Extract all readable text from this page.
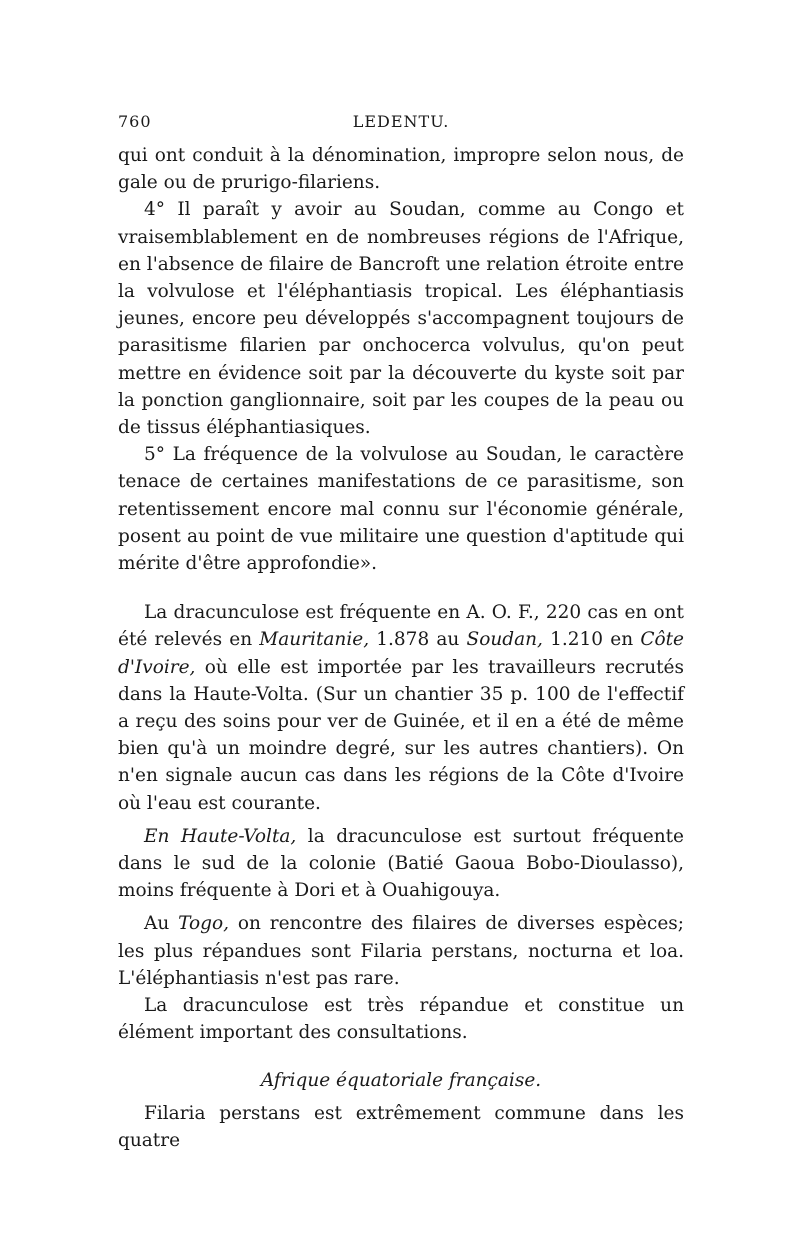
760	LEDENTU.

qui ont conduit à la dénomination, impropre selon nous, de gale ou de prurigo-filariens.

4° Il paraît y avoir au Soudan, comme au Congo et vraisemblablement en de nombreuses régions de l'Afrique, en l'absence de filaire de Bancroft une relation étroite entre la volvulose et l'éléphantiasis tropical. Les éléphantiasis jeunes, encore peu développés s'accompagnent toujours de parasitisme filarien par onchocerca volvulus, qu'on peut mettre en évidence soit par la découverte du kyste soit par la ponction ganglionnaire, soit par les coupes de la peau ou de tissus éléphantiasiques.

5° La fréquence de la volvulose au Soudan, le caractère tenace de certaines manifestations de ce parasitisme, son retentissement encore mal connu sur l'économie générale, posent au point de vue militaire une question d'aptitude qui mérite d'être approfondie».

La dracunculose est fréquente en A. O. F., 220 cas en ont été relevés en Mauritanie, 1.878 au Soudan, 1.210 en Côte d'Ivoire, où elle est importée par les travailleurs recrutés dans la Haute-Volta. (Sur un chantier 35 p. 100 de l'effectif a reçu des soins pour ver de Guinée, et il en a été de même bien qu'à un moindre degré, sur les autres chantiers). On n'en signale aucun cas dans les régions de la Côte d'Ivoire où l'eau est courante.

En Haute-Volta, la dracunculose est surtout fréquente dans le sud de la colonie (Batié Gaoua Bobo-Dioulasso), moins fréquente à Dori et à Ouahigouya.

Au Togo, on rencontre des filaires de diverses espèces; les plus répandues sont Filaria perstans, nocturna et loa. L'éléphantiasis n'est pas rare.

La dracunculose est très répandue et constitue un élément important des consultations.

Afrique équatoriale française.

Filaria perstans est extrêmement commune dans les quatre
